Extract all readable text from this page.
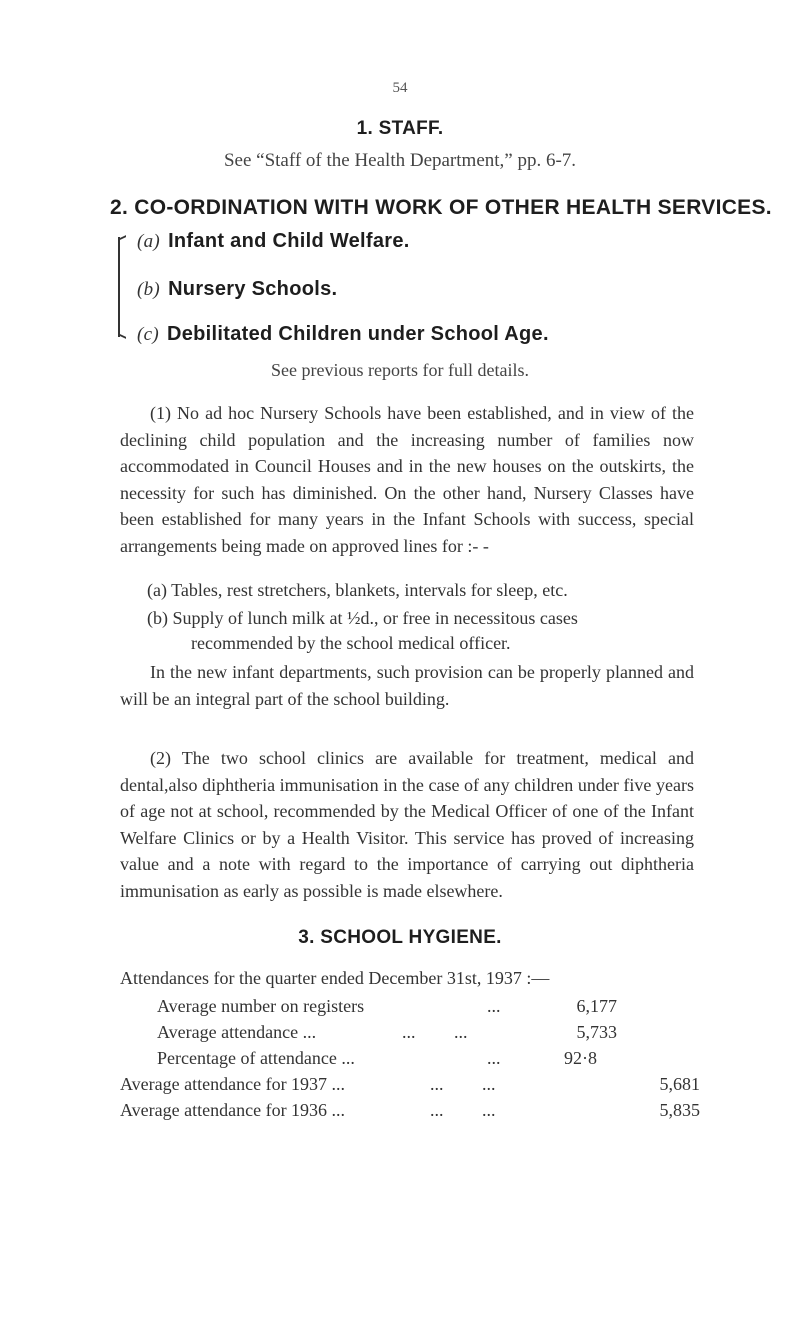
54
1. STAFF.
See “Staff of the Health Department,” pp. 6-7.
2. CO-ORDINATION WITH WORK OF OTHER HEALTH SERVICES.
(a) Infant and Child Welfare.
(b) Nursery Schools.
(c) Debilitated Children under School Age.
See previous reports for full details.
(1) No ad hoc Nursery Schools have been established, and in view of the declining child population and the increasing number of families now accommodated in Council Houses and in the new houses on the outskirts, the necessity for such has diminished. On the other hand, Nursery Classes have been established for many years in the Infant Schools with success, special arrangements being made on approved lines for :- -
(a) Tables, rest stretchers, blankets, intervals for sleep, etc.
(b) Supply of lunch milk at ½d., or free in necessitous cases
recommended by the school medical officer.
In the new infant departments, such provision can be properly planned and will be an integral part of the school building.
(2) The two school clinics are available for treatment, medical and dental,also diphtheria immunisation in the case of any children under five years of age not at school, recommended by the Medical Officer of one of the Infant Welfare Clinics or by a Health Visitor. This service has proved of increasing value and a note with regard to the importance of carrying out diphtheria immunisation as early as possible is made elsewhere.
3. SCHOOL HYGIENE.
Attendances for the quarter ended December 31st, 1937 :—
Average number on registers	...	6,177
Average attendance ...	... ...	5,733
Percentage of attendance ...	...	92·8
Average attendance for 1937 ...	... ...	5,681
Average attendance for 1936 ...	... ...	5,835
